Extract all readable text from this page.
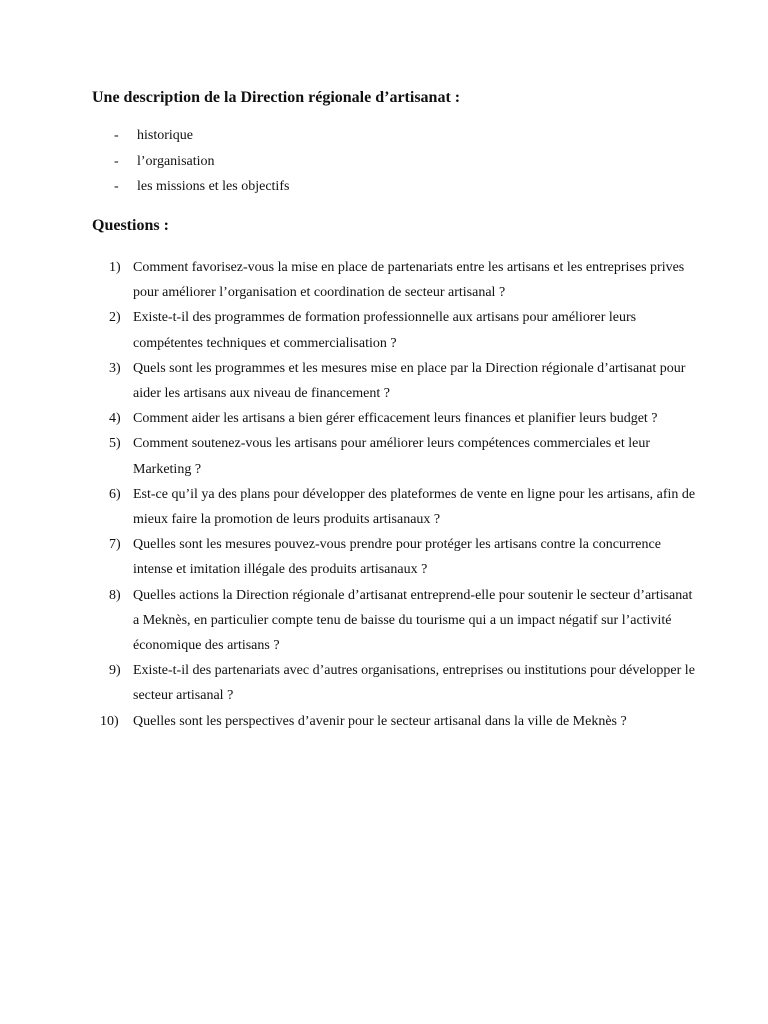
Une description de la Direction régionale d’artisanat :
-	historique
-	l’organisation
-	les missions et les objectifs
Questions :
1) Comment favorisez-vous la mise en place de partenariats entre les artisans et les entreprises prives pour améliorer l’organisation et coordination de secteur artisanal ?
2) Existe-t-il des programmes de formation professionnelle aux artisans pour améliorer leurs compétentes techniques et commercialisation ?
3) Quels sont les programmes et les mesures mise en place par la Direction régionale d’artisanat pour aider les artisans aux niveau de financement ?
4) Comment aider les artisans a bien gérer efficacement leurs finances et planifier leurs budget ?
5) Comment soutenez-vous les artisans pour améliorer leurs compétences commerciales et leur Marketing ?
6) Est-ce qu’il ya des plans pour développer des plateformes de vente en ligne pour les artisans, afin de mieux faire la promotion de leurs produits artisanaux ?
7) Quelles sont les mesures pouvez-vous prendre pour protéger les artisans contre la concurrence intense et imitation illégale des produits artisanaux ?
8) Quelles actions la Direction régionale d’artisanat entreprend-elle pour soutenir le secteur d’artisanat a Meknès, en particulier compte tenu de baisse du tourisme qui a un impact négatif sur l’activité économique des artisans ?
9) Existe-t-il des partenariats avec d’autres organisations, entreprises ou institutions pour développer le secteur artisanal ?
10)	Quelles sont les perspectives d’avenir pour le secteur artisanal dans la ville de Meknès ?
